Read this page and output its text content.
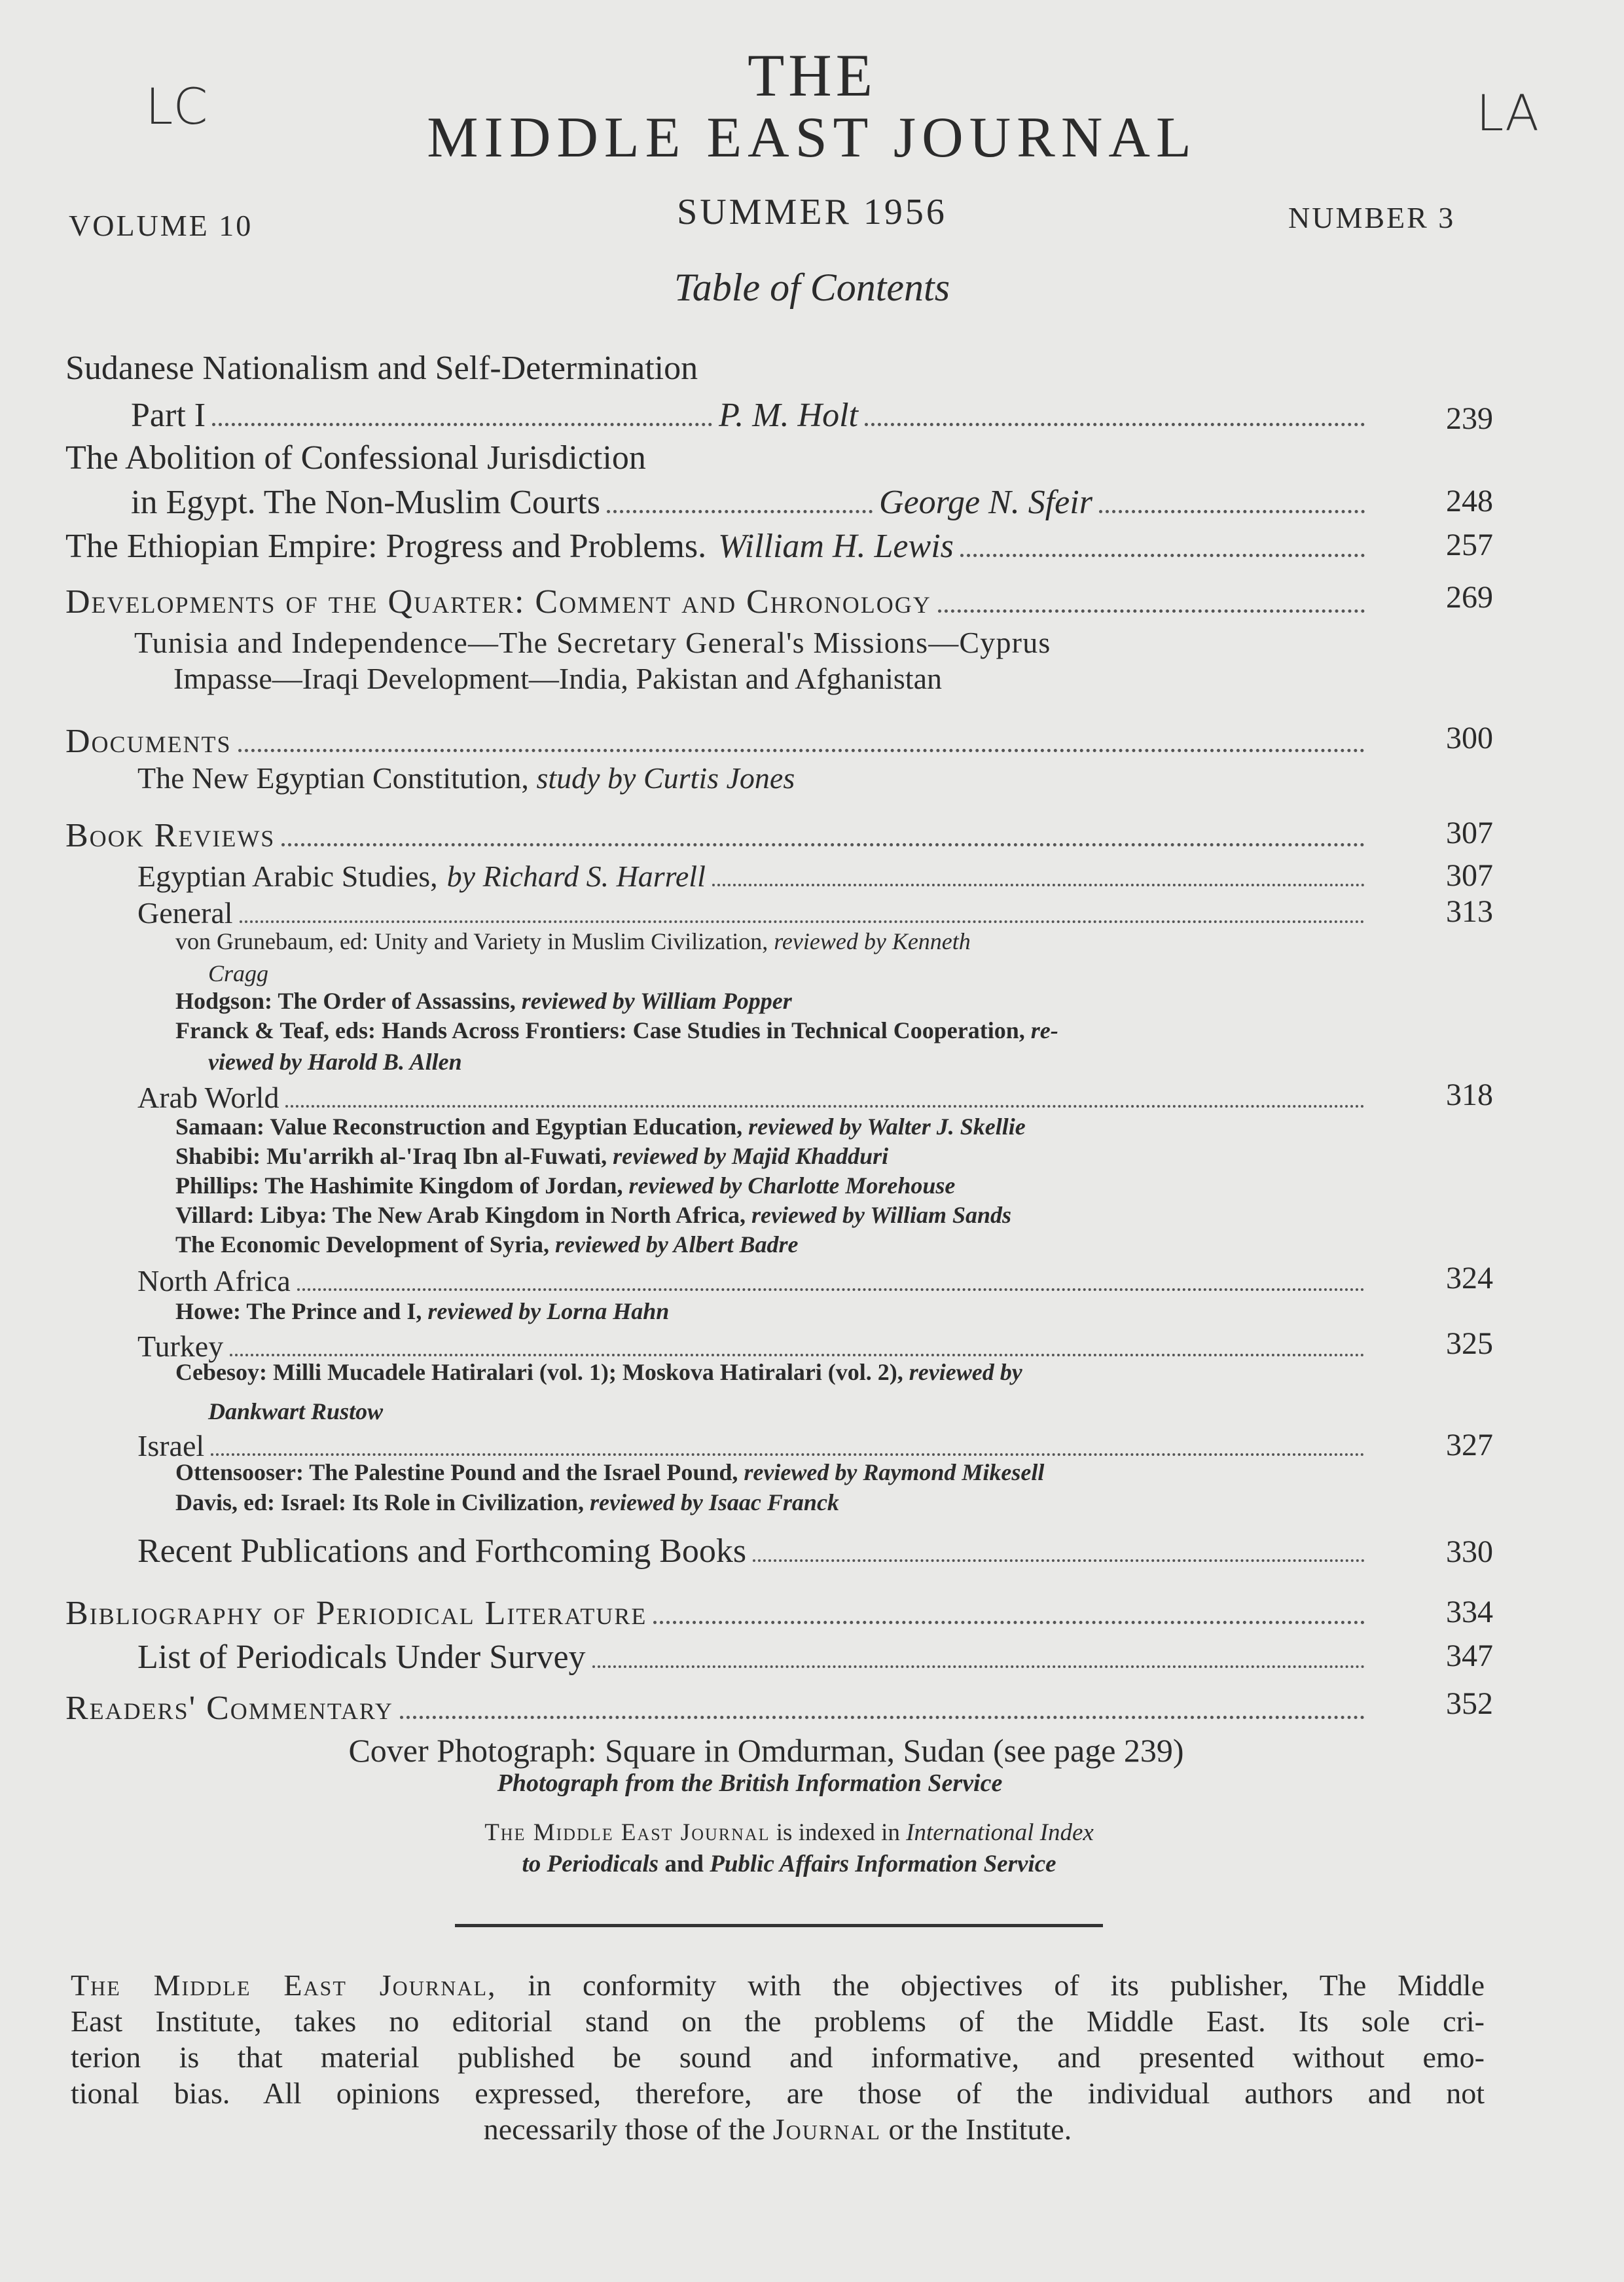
LC	LA
THE
MIDDLE EAST JOURNAL
VOLUME 10	SUMMER 1956	NUMBER 3
Table of Contents
Sudanese Nationalism and Self-Determination
Part I	P. M. Holt	239
The Abolition of Confessional Jurisdiction
in Egypt. The Non-Muslim Courts	George N. Sfeir	248
The Ethiopian Empire: Progress and Problems. William H. Lewis	257
Developments of the Quarter: Comment and Chronology	269
Tunisia and Independence—The Secretary General's Missions—Cyprus
Impasse—Iraqi Development—India, Pakistan and Afghanistan
Documents	300
The New Egyptian Constitution, study by Curtis Jones
Book Reviews	307
Egyptian Arabic Studies, by Richard S. Harrell	307
General	313
von Grunebaum, ed: Unity and Variety in Muslim Civilization, reviewed by Kenneth
Cragg
Hodgson: The Order of Assassins, reviewed by William Popper
Franck & Teaf, eds: Hands Across Frontiers: Case Studies in Technical Cooperation, re-
viewed by Harold B. Allen
Arab World	318
Samaan: Value Reconstruction and Egyptian Education, reviewed by Walter J. Skellie
Shabibi: Mu'arrikh al-'Iraq Ibn al-Fuwati, reviewed by Majid Khadduri
Phillips: The Hashimite Kingdom of Jordan, reviewed by Charlotte Morehouse
Villard: Libya: The New Arab Kingdom in North Africa, reviewed by William Sands
The Economic Development of Syria, reviewed by Albert Badre
North Africa	324
Howe: The Prince and I, reviewed by Lorna Hahn
Turkey	325
Cebesoy: Milli Mucadele Hatiralari (vol. 1); Moskova Hatiralari (vol. 2), reviewed by
Dankwart Rustow
Israel	327
Ottensooser: The Palestine Pound and the Israel Pound, reviewed by Raymond Mikesell
Davis, ed: Israel: Its Role in Civilization, reviewed by Isaac Franck
Recent Publications and Forthcoming Books	330
Bibliography of Periodical Literature	334
List of Periodicals Under Survey	347
Readers' Commentary	352
Cover Photograph: Square in Omdurman, Sudan (see page 239)
Photograph from the British Information Service
The Middle East Journal is indexed in International Index
to Periodicals and Public Affairs Information Service
The Middle East Journal, in conformity with the objectives of its publisher, The Middle
East Institute, takes no editorial stand on the problems of the Middle East. Its sole cri-
terion is that material published be sound and informative, and presented without emo-
tional bias. All opinions expressed, therefore, are those of the individual authors and not
necessarily those of the Journal or the Institute.
